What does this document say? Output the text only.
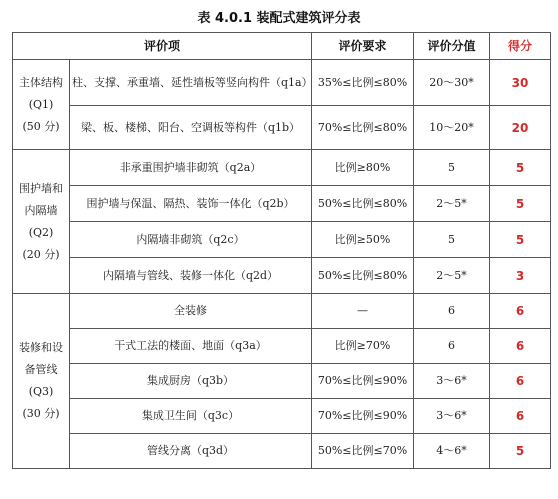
表 4.0.1 装配式建筑评分表
评价项		评价要求	评价分值	得分

主体结构
(Q1)
(50 分)	柱、支撑、承重墙、延性墙板等竖向构件（q1a）	35%≤比例≤80%	20～30*	30
	梁、板、楼梯、阳台、空调板等构件（q1b）	70%≤比例≤80%	10～20*	20

围护墙和
内隔墙
(Q2)
(20 分)	非承重围护墙非砌筑（q2a）	比例≥80%	5	5
	围护墙与保温、隔热、装饰一体化（q2b）	50%≤比例≤80%	2～5*	5
	内隔墙非砌筑（q2c）	比例≥50%	5	5
	内隔墙与管线、装修一体化（q2d）	50%≤比例≤80%	2～5*	3

装修和设
备管线
(Q3)
(30 分)	全装修	—	6	6
	干式工法的楼面、地面（q3a）	比例≥70%	6	6
	集成厨房（q3b）	70%≤比例≤90%	3～6*	6
	集成卫生间（q3c）	70%≤比例≤90%	3～6*	6
	管线分离（q3d）	50%≤比例≤70%	4～6*	5
